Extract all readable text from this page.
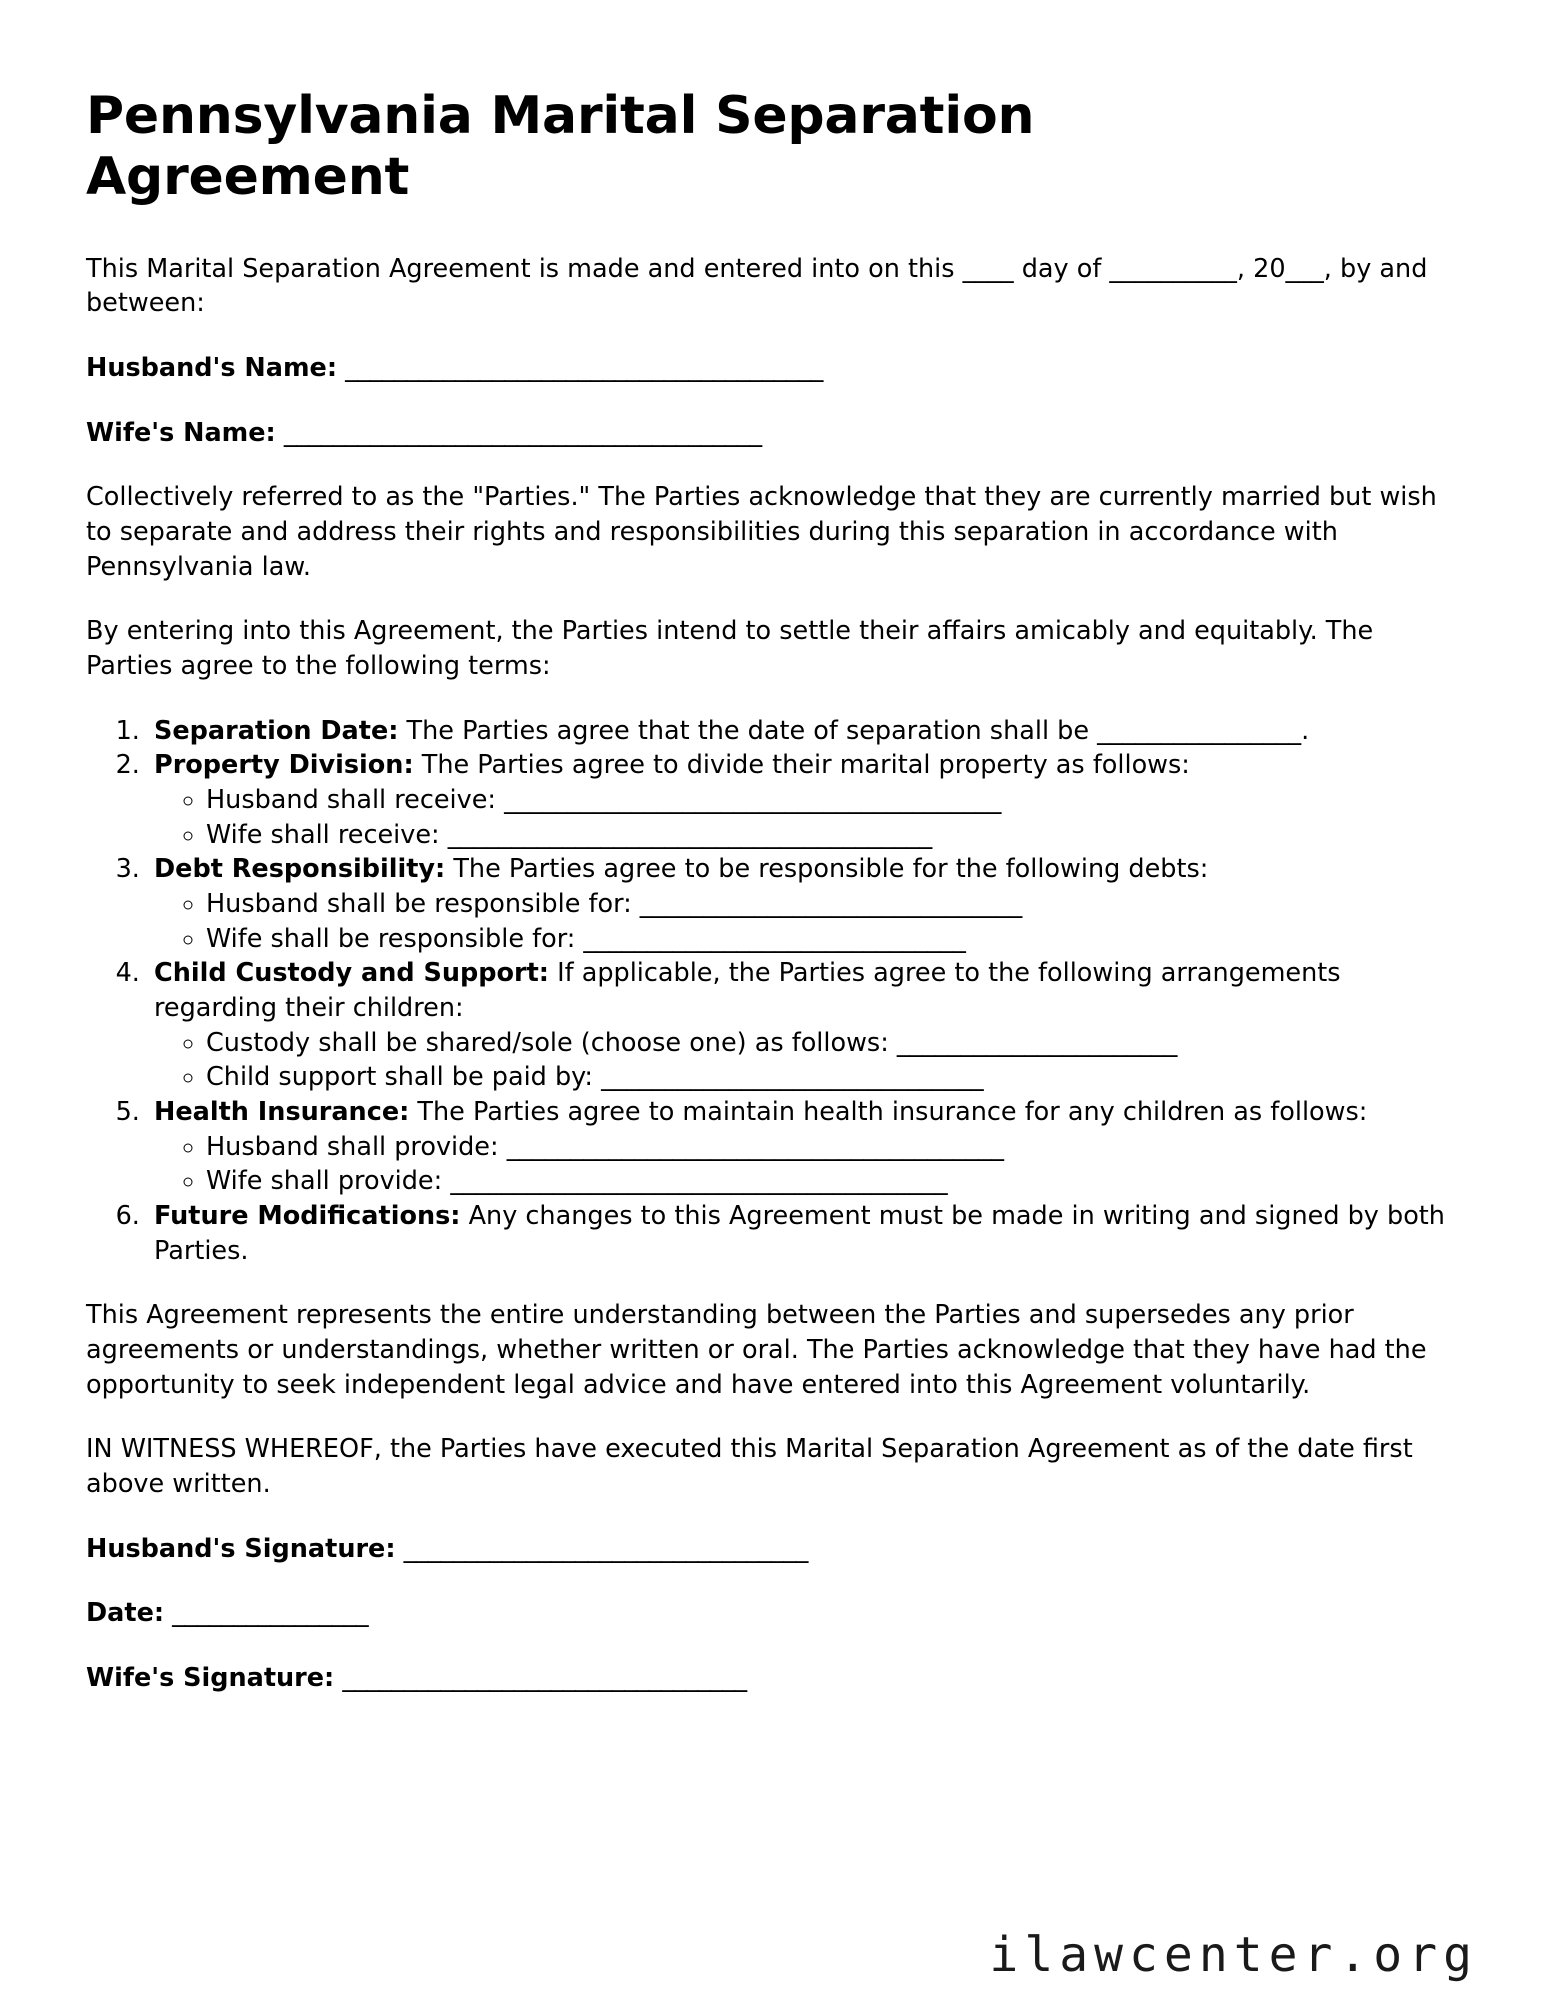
Pennsylvania Marital Separation Agreement

This Marital Separation Agreement is made and entered into on this ____ day of __________, 20___, by and between:

Husband's Name: _______________________________________

Wife's Name: _______________________________________

Collectively referred to as the "Parties." The Parties acknowledge that they are currently married but wish to separate and address their rights and responsibilities during this separation in accordance with Pennsylvania law.

By entering into this Agreement, the Parties intend to settle their affairs amicably and equitably. The Parties agree to the following terms:

1. Separation Date: The Parties agree that the date of separation shall be ________________.
2. Property Division: The Parties agree to divide their marital property as follows:
◦ Husband shall receive: _______________________________________
◦ Wife shall receive: ______________________________________
3. Debt Responsibility: The Parties agree to be responsible for the following debts:
◦ Husband shall be responsible for: ______________________________
◦ Wife shall be responsible for: ______________________________
4. Child Custody and Support: If applicable, the Parties agree to the following arrangements regarding their children:
◦ Custody shall be shared/sole (choose one) as follows: ______________________
◦ Child support shall be paid by: ______________________________
5. Health Insurance: The Parties agree to maintain health insurance for any children as follows:
◦ Husband shall provide: _______________________________________
◦ Wife shall provide: _______________________________________
6. Future Modifications: Any changes to this Agreement must be made in writing and signed by both Parties.

This Agreement represents the entire understanding between the Parties and supersedes any prior agreements or understandings, whether written or oral. The Parties acknowledge that they have had the opportunity to seek independent legal advice and have entered into this Agreement voluntarily.

IN WITNESS WHEREOF, the Parties have executed this Marital Separation Agreement as of the date first above written.

Husband's Signature: _________________________________

Date: ________________

Wife's Signature: _________________________________

ilawcenter.org
